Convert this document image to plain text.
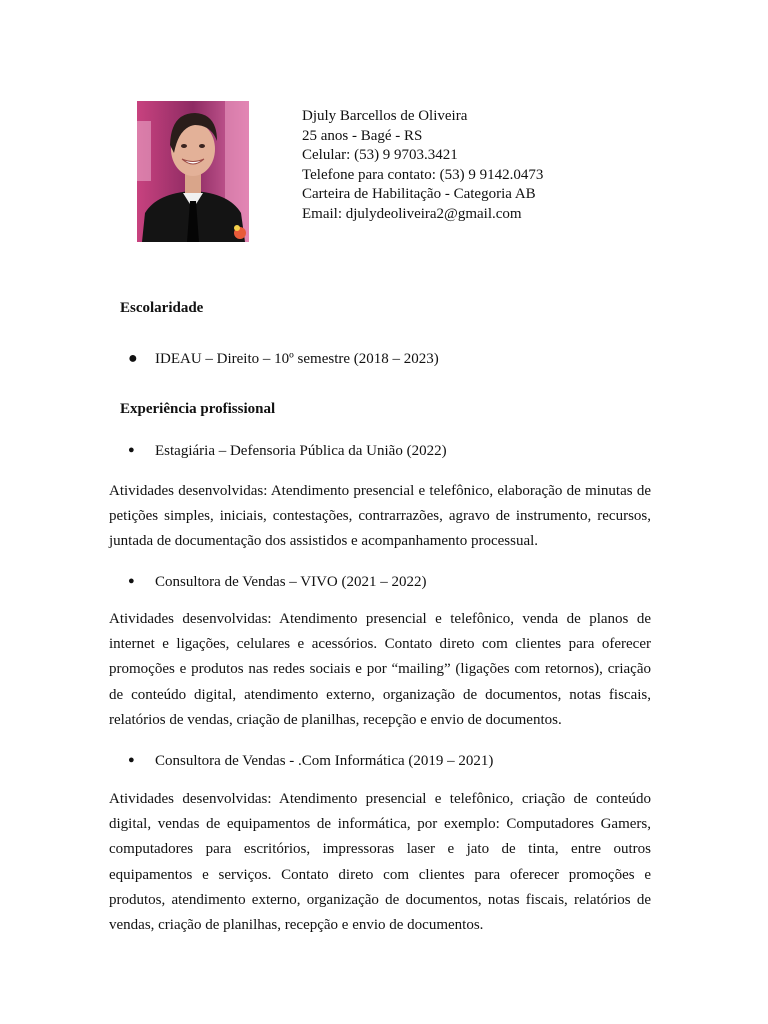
Djuly Barcellos de Oliveira
25 anos - Bagé - RS
Celular: (53) 9 9703.3421
Telefone para contato: (53) 9 9142.0473
Carteira de Habilitação - Categoria AB
Email: djulydeoliveira2@gmail.com
Escolaridade
● IDEAU – Direito – 10º semestre (2018 – 2023)
Experiência profissional
● Estagiária – Defensoria Pública da União (2022)
Atividades desenvolvidas: Atendimento presencial e telefônico, elaboração de minutas de
petições simples, iniciais, contestações, contrarrazões, agravo de instrumento, recursos,
juntada de documentação dos assistidos e acompanhamento processual.
● Consultora de Vendas – VIVO (2021 – 2022)
Atividades desenvolvidas: Atendimento presencial e telefônico, venda de planos de
internet e ligações, celulares e acessórios. Contato direto com clientes para oferecer
promoções e produtos nas redes sociais e por “mailing” (ligações com retornos), criação
de conteúdo digital, atendimento externo, organização de documentos, notas fiscais,
relatórios de vendas, criação de planilhas, recepção e envio de documentos.
● Consultora de Vendas - .Com Informática (2019 – 2021)
Atividades desenvolvidas: Atendimento presencial e telefônico, criação de conteúdo
digital, vendas de equipamentos de informática, por exemplo: Computadores Gamers,
computadores para escritórios, impressoras laser e jato de tinta, entre outros
equipamentos e serviços. Contato direto com clientes para oferecer promoções e
produtos, atendimento externo, organização de documentos, notas fiscais, relatórios de
vendas, criação de planilhas, recepção e envio de documentos.
